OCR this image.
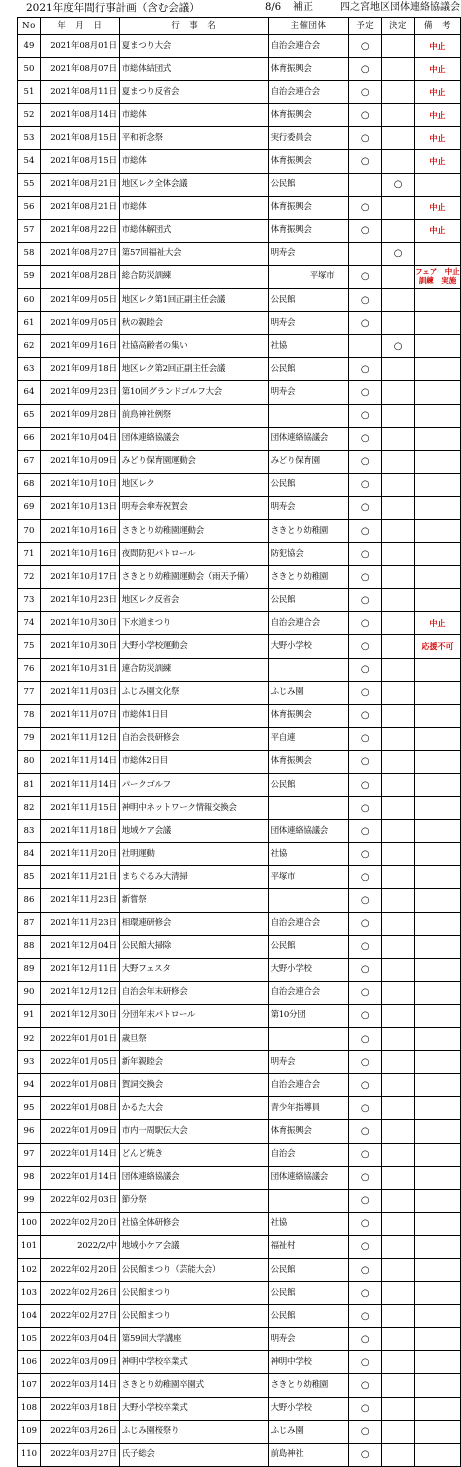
2021年度年間行事計画（含む会議）	8/6 補正	四之宮地区団体連絡協議会
No	年　月　日	行　事　名	主催団体	予定	決定	備　考
49	2021年08月01日	夏まつり大会	自治会連合会	○		中止
50	2021年08月07日	市総体結団式	体育振興会	○		中止
51	2021年08月11日	夏まつり反省会	自治会連合会	○		中止
52	2021年08月14日	市総体	体育振興会	○		中止
53	2021年08月15日	平和祈念祭	実行委員会	○		中止
54	2021年08月15日	市総体	体育振興会	○		中止
55	2021年08月21日	地区レク全体会議	公民館		○	
56	2021年08月21日	市総体	体育振興会	○		中止
57	2021年08月22日	市総体解団式	体育振興会	○		中止
58	2021年08月27日	第57回福祉大会	明寿会		○	
59	2021年08月28日	総合防災訓練	平塚市	○		フェア　中止
訓練　実施
60	2021年09月05日	地区レク第1回正副主任会議	公民館	○		
61	2021年09月05日	秋の親睦会	明寿会	○		
62	2021年09月16日	社協高齢者の集い	社協		○	
63	2021年09月18日	地区レク第2回正副主任会議	公民館	○		
64	2021年09月23日	第10回グランドゴルフ大会	明寿会	○		
65	2021年09月28日	前鳥神社例祭		○		
66	2021年10月04日	団体連絡協議会	団体連絡協議会	○		
67	2021年10月09日	みどり保育園運動会	みどり保育園	○		
68	2021年10月10日	地区レク	公民館	○		
69	2021年10月13日	明寿会傘寿祝賀会	明寿会	○		
70	2021年10月16日	さきとり幼稚園運動会	さきとり幼稚園	○		
71	2021年10月16日	夜間防犯パトロール	防犯協会	○		
72	2021年10月17日	さきとり幼稚園運動会（雨天予備）	さきとり幼稚園	○		
73	2021年10月23日	地区レク反省会	公民館	○		
74	2021年10月30日	下水道まつり	自治会連合会	○		中止
75	2021年10月30日	大野小学校運動会	大野小学校	○		応援不可
76	2021年10月31日	連合防災訓練		○		
77	2021年11月03日	ふじみ園文化祭	ふじみ園	○		
78	2021年11月07日	市総体1日目	体育振興会	○		
79	2021年11月12日	自治会長研修会	平自連	○		
80	2021年11月14日	市総体2日目	体育振興会	○		
81	2021年11月14日	パークゴルフ	公民館	○		
82	2021年11月15日	神明中ネットワーク情報交換会		○		
83	2021年11月18日	地域ケア会議	団体連絡協議会	○		
84	2021年11月20日	社明運動	社協	○		
85	2021年11月21日	まちぐるみ大清掃	平塚市	○		
86	2021年11月23日	新嘗祭		○		
87	2021年11月23日	相環連研修会	自治会連合会	○		
88	2021年12月04日	公民館大掃除	公民館	○		
89	2021年12月11日	大野フェスタ	大野小学校	○		
90	2021年12月12日	自治会年末研修会	自治会連合会	○		
91	2021年12月30日	分団年末パトロール	第10分団	○		
92	2022年01月01日	歳旦祭		○		
93	2022年01月05日	新年親睦会	明寿会	○		
94	2022年01月08日	賀詞交換会	自治会連合会	○		
95	2022年01月08日	かるた大会	青少年指導員	○		
96	2022年01月09日	市内一周駅伝大会	体育振興会	○		
97	2022年01月14日	どんど焼き	自治会	○		
98	2022年01月14日	団体連絡協議会	団体連絡協議会	○		
99	2022年02月03日	節分祭		○		
100	2022年02月20日	社協全体研修会	社協	○		
101	2022/2/中	地域小ケア会議	福祉村	○		
102	2022年02月20日	公民館まつり（芸能大会）	公民館	○		
103	2022年02月26日	公民館まつり	公民館	○		
104	2022年02月27日	公民館まつり	公民館	○		
105	2022年03月04日	第59回大学講座	明寿会	○		
106	2022年03月09日	神明中学校卒業式	神明中学校	○		
107	2022年03月14日	さきとり幼稚園卒園式	さきとり幼稚園	○		
108	2022年03月18日	大野小学校卒業式	大野小学校	○		
109	2022年03月26日	ふじみ園桜祭り	ふじみ園	○		
110	2022年03月27日	氏子総会	前島神社	○		
